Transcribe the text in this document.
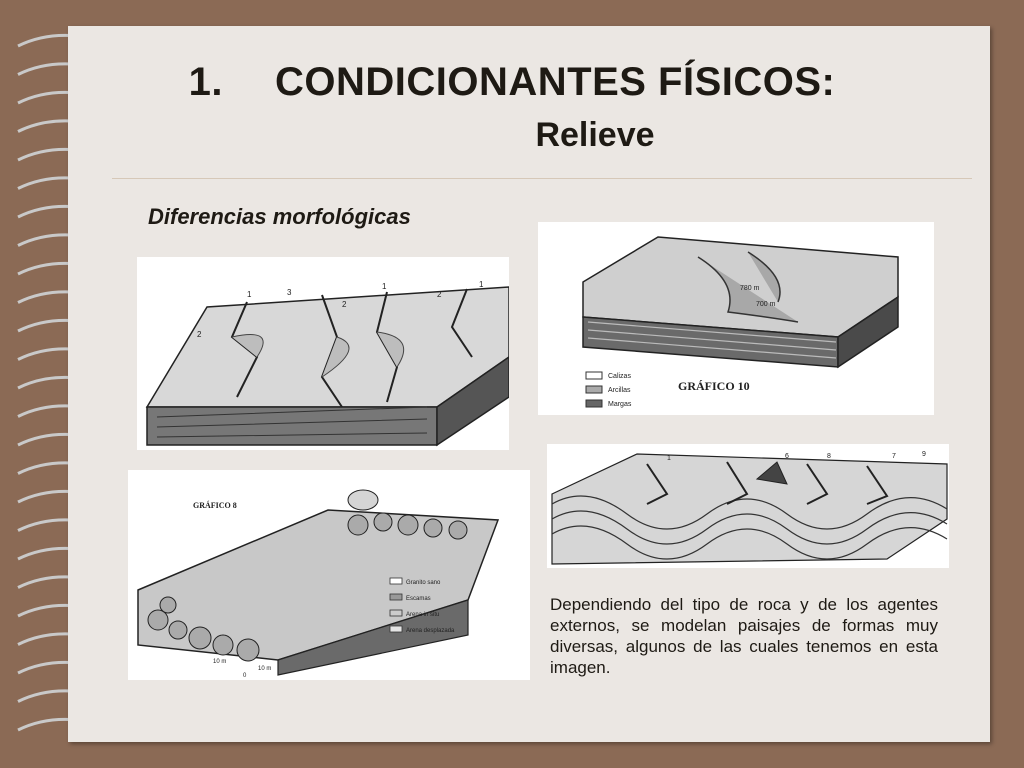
1. CONDICIONANTES FÍSICOS:
Relieve
Diferencias morfológicas
2
1	3
2
1
2
1
Calizas
Arcillas
Margas
780 m
700 m
GRÁFICO 10
Granito sano
Escamas
Arena in situ
Arena desplazada
10 m
10 m
0
GRÁFICO 8
1	6	8	7	9
Dependiendo del tipo de roca y de los agentes externos, se modelan paisajes de formas muy diversas, algunos de las cuales tenemos en esta imagen.
